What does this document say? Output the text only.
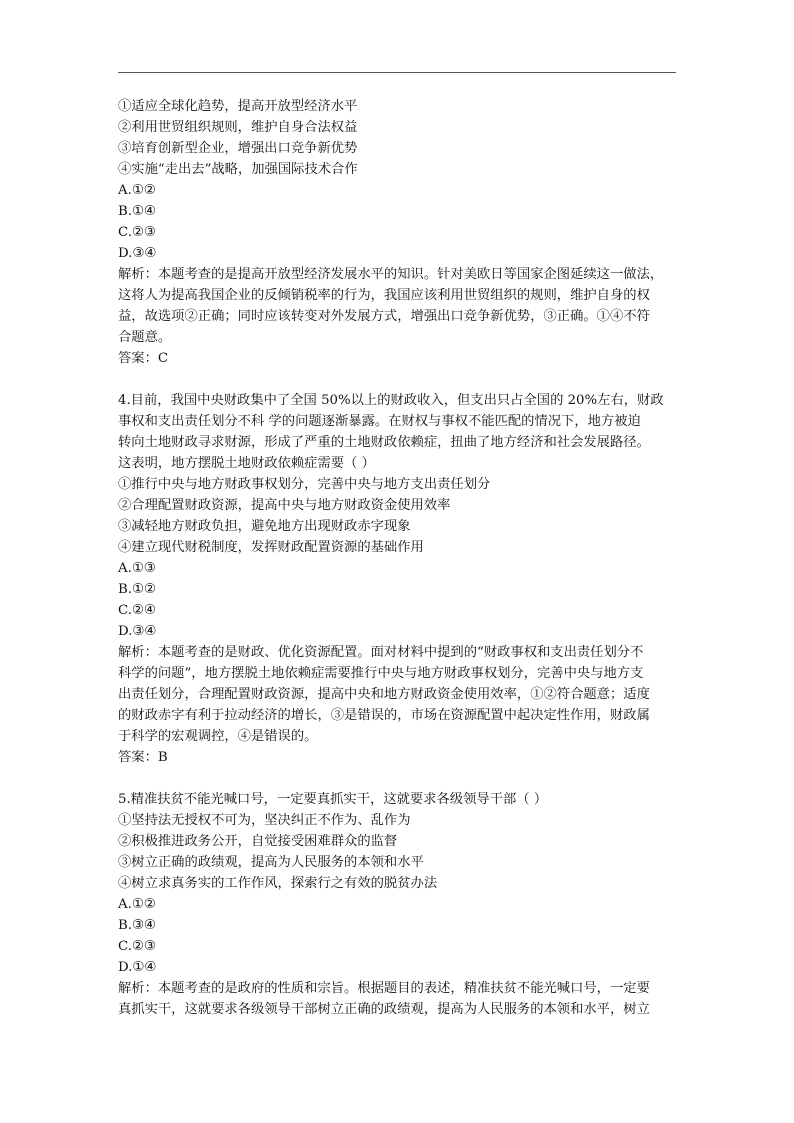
①适应全球化趋势，提高开放型经济水平
②利用世贸组织规则，维护自身合法权益
③培育创新型企业，增强出口竞争新优势
④实施“走出去”战略，加强国际技术合作
A.①②
B.①④
C.②③
D.③④
解析：本题考查的是提高开放型经济发展水平的知识。针对美欧日等国家企图延续这一做法，
这将人为提高我国企业的反倾销税率的行为，我国应该利用世贸组织的规则，维护自身的权
益，故选项②正确；同时应该转变对外发展方式，增强出口竞争新优势，③正确。①④不符
合题意。
答案：C
4.目前，我国中央财政集中了全国 50%以上的财政收入，但支出只占全国的 20%左右，财政
事权和支出责任划分不科 学的问题逐渐暴露。在财权与事权不能匹配的情况下，地方被迫
转向土地财政寻求财源，形成了严重的土地财政依赖症，扭曲了地方经济和社会发展路径。
这表明，地方摆脱土地财政依赖症需要（ ）
①推行中央与地方财政事权划分，完善中央与地方支出责任划分
②合理配置财政资源，提高中央与地方财政资金使用效率
③减轻地方财政负担，避免地方出现财政赤字现象
④建立现代财税制度，发挥财政配置资源的基础作用
A.①③
B.①②
C.②④
D.③④
解析：本题考查的是财政、优化资源配置。面对材料中提到的“财政事权和支出责任划分不
科学的问题”，地方摆脱土地依赖症需要推行中央与地方财政事权划分，完善中央与地方支
出责任划分，合理配置财政资源，提高中央和地方财政资金使用效率，①②符合题意；适度
的财政赤字有利于拉动经济的增长，③是错误的，市场在资源配置中起决定性作用，财政属
于科学的宏观调控，④是错误的。
答案：B
5.精准扶贫不能光喊口号，一定要真抓实干，这就要求各级领导干部（ ）
①坚持法无授权不可为，坚决纠正不作为、乱作为
②积极推进政务公开，自觉接受困难群众的监督
③树立正确的政绩观，提高为人民服务的本领和水平
④树立求真务实的工作作风，探索行之有效的脱贫办法
A.①②
B.③④
C.②③
D.①④
解析：本题考查的是政府的性质和宗旨。根据题目的表述，精准扶贫不能光喊口号，一定要
真抓实干，这就要求各级领导干部树立正确的政绩观，提高为人民服务的本领和水平，树立
